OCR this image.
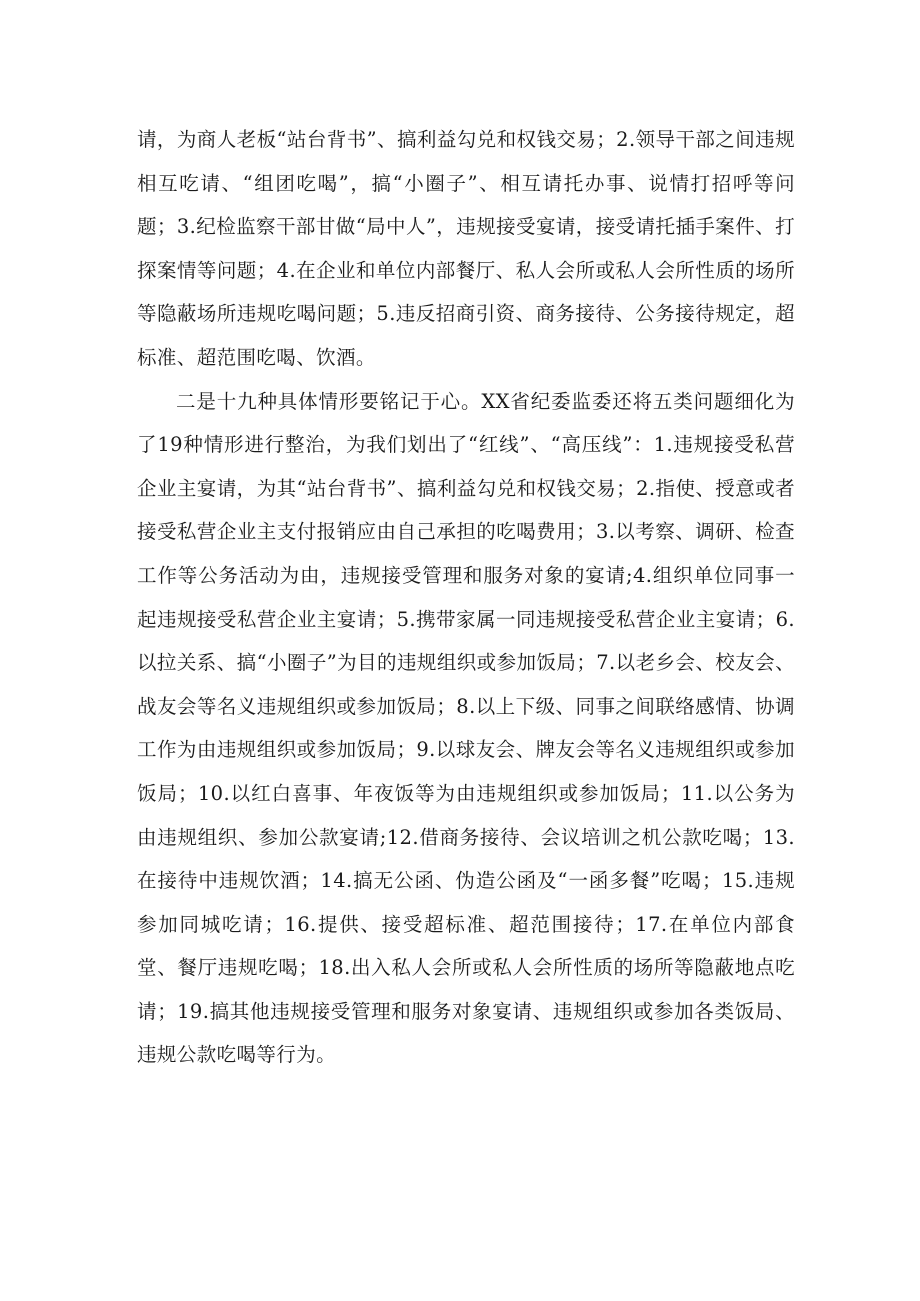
请，为商人老板“站台背书”、搞利益勾兑和权钱交易；2.领导干部之间违规相互吃请、“组团吃喝”，搞“小圈子”、相互请托办事、说情打招呼等问题；3.纪检监察干部甘做“局中人”，违规接受宴请，接受请托插手案件、打探案情等问题；4.在企业和单位内部餐厅、私人会所或私人会所性质的场所等隐蔽场所违规吃喝问题；5.违反招商引资、商务接待、公务接待规定，超标准、超范围吃喝、饮酒。

二是十九种具体情形要铭记于心。XX省纪委监委还将五类问题细化为了19种情形进行整治，为我们划出了“红线”、“高压线”：1.违规接受私营企业主宴请，为其“站台背书”、搞利益勾兑和权钱交易；2.指使、授意或者接受私营企业主支付报销应由自己承担的吃喝费用；3.以考察、调研、检查工作等公务活动为由，违规接受管理和服务对象的宴请;4.组织单位同事一起违规接受私营企业主宴请；5.携带家属一同违规接受私营企业主宴请；6.以拉关系、搞“小圈子”为目的违规组织或参加饭局；7.以老乡会、校友会、战友会等名义违规组织或参加饭局；8.以上下级、同事之间联络感情、协调工作为由违规组织或参加饭局；9.以球友会、牌友会等名义违规组织或参加饭局；10.以红白喜事、年夜饭等为由违规组织或参加饭局；11.以公务为由违规组织、参加公款宴请;12.借商务接待、会议培训之机公款吃喝；13.在接待中违规饮酒；14.搞无公函、伪造公函及“一函多餐”吃喝；15.违规参加同城吃请；16.提供、接受超标准、超范围接待；17.在单位内部食堂、餐厅违规吃喝；18.出入私人会所或私人会所性质的场所等隐蔽地点吃请；19.搞其他违规接受管理和服务对象宴请、违规组织或参加各类饭局、违规公款吃喝等行为。
